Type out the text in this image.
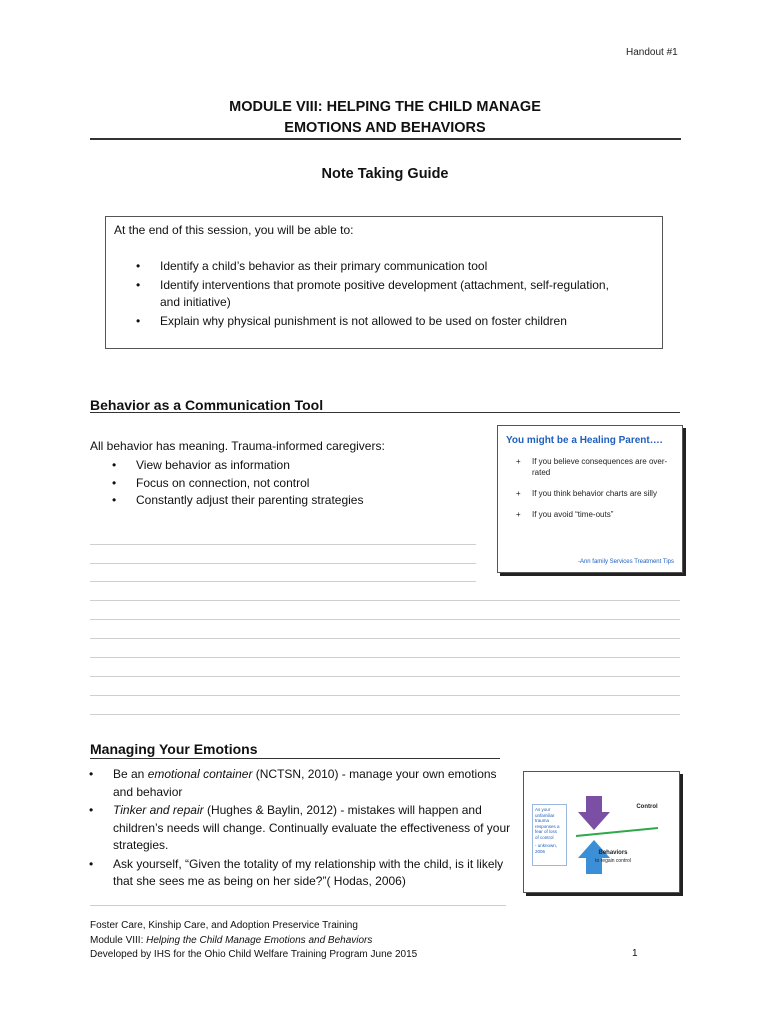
Handout #1
MODULE VIII: HELPING THE CHILD MANAGE
EMOTIONS AND BEHAVIORS
Note Taking Guide
At the end of this session, you will be able to:
• Identify a child’s behavior as their primary communication tool
• Identify interventions that promote positive development (attachment, self-regulation,
and initiative)
• Explain why physical punishment is not allowed to be used on foster children
Behavior as a Communication Tool
All behavior has meaning. Trauma-informed caregivers:
• View behavior as information
• Focus on connection, not control
• Constantly adjust their parenting strategies
You might be a Healing Parent….
+ If you believe consequences are over-rated
+ If you think behavior charts are silly
+ If you avoid “time-outs”
-Ann family Services Treatment Tips
Managing Your Emotions
• Be an emotional container (NCTSN, 2010) - manage your own emotions and behavior
• Tinker and repair (Hughes & Baylin, 2012) - mistakes will happen and children’s needs will change. Continually evaluate the effectiveness of your strategies.
• Ask yourself, “Given the totality of my relationship with the child, is it likely that she sees me as being on her side?”( Hodas, 2006)
As your
unfamiliar
trauma
responses a
fear of loss
of control
- unknown, 2006
Control
Behaviors
to regain control
Foster Care, Kinship Care, and Adoption Preservice Training
Module VIII: Helping the Child Manage Emotions and Behaviors
Developed by IHS for the Ohio Child Welfare Training Program June 2015	1
